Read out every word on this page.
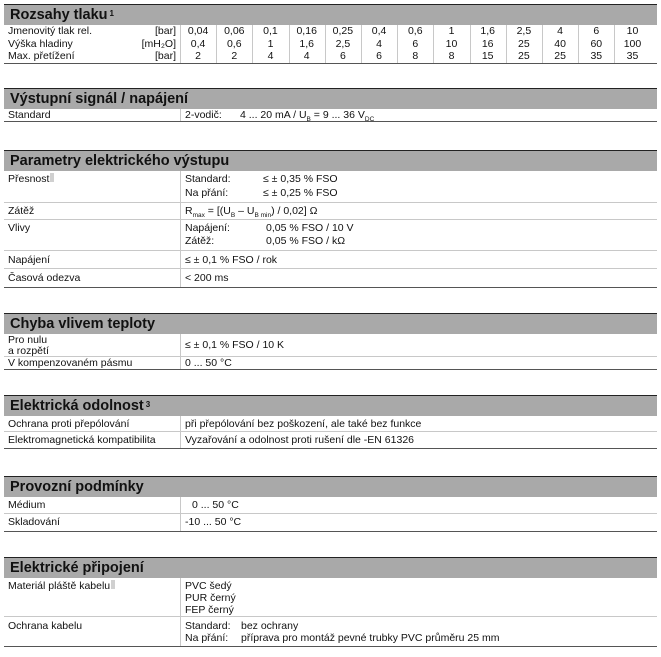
Rozsahy tlaku $^1$
Jmenovitý tlak rel.	[bar]	0,04	0,06	0,1	0,16	0,25	0,4	0,6	1	1,6	2,5	4	6	10
Výška hladiny	[mH₂O]	0,4	0,6	1	1,6	2,5	4	6	10	16	25	40	60	100
Max. přetížení	[bar]	2	2	4	4	6	6	8	8	15	25	25	35	35
Výstupní signál / napájení
Standard	2-vodič: 4 ... 20 mA / $U_B = 9$ ... 36 $V_{DC}$
Parametry elektrického výstupu
Přesnost	Standard:	≤ ± 0,35 % FSO
Na přání:	≤ ± 0,25 % FSO
Zátěž	$R_{max} = [(U_B - U_{B min}) / 0,02]$ Ω
Vlivy	Napájení:	0,05 % FSO / 10 V
Zátěž:	0,05 % FSO / kΩ
Napájení	≤ ± 0,1 % FSO / rok
Časová odezva	< 200 ms
Chyba vlivem teploty
Pro nulu	≤ ± 0,1 % FSO / 10 K
a rozpětí
V kompenzovaném pásmu	0 ... 50 °C
Elektrická odolnost $^3$
Ochrana proti přepólování	při přepólování bez poškození, ale také bez funkce
Elektromagnetická kompatibilita	Vyzařování a odolnost proti rušení dle -EN 61326
Provozní podmínky
Médium	0 ... 50 °C
Skladování	-10 ... 50 °C
Elektrické připojení
Materiál pláště kabelu	PVC šedý
PUR černý
FEP černý
Ochrana kabelu	Standard: bez ochrany
Na přání: příprava pro montáž pevné trubky PVC průměru 25 mm
